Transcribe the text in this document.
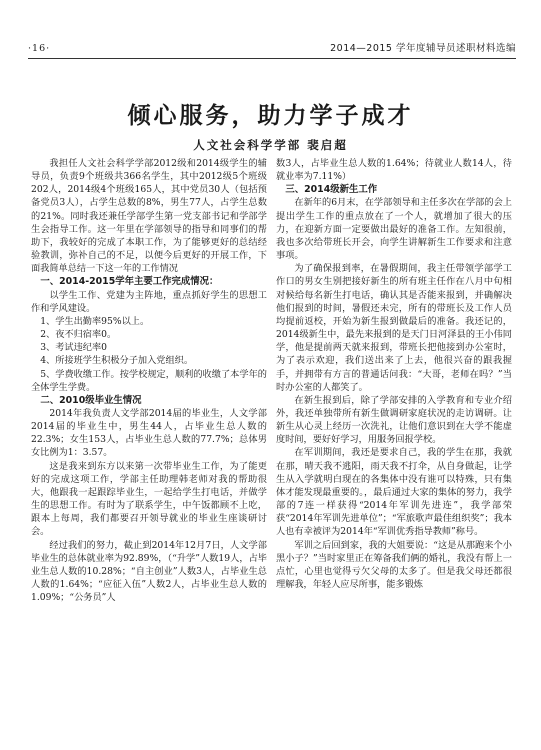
·16·	2014—2015 学年度辅导员述职材料选编
倾心服务，助力学子成才
人文社会科学学部 裴启超

我担任人文社会科学学部2012级和2014级学生的辅导员，负责9个班级共366名学生，其中2012级5个班级202人，2014级4个班级165人，其中党员30人（包括预备党员3人），占学生总数的8%，男生77人，占学生总数的21%。同时我还兼任学部学生第一党支部书记和学部学生会指导工作。这一年里在学部领导的指导和同事们的帮助下，我较好的完成了本职工作，为了能够更好的总结经验教训，弥补自己的不足，以便今后更好的开展工作，下面我简单总结一下这一年的工作情况

一、2014-2015学年主要工作完成情况：

以学生工作、党建为主阵地，重点抓好学生的思想工作和学风建设。

1、学生出勤率95%以上。

2、夜不归宿率0。

3、考试违纪率0

4、所接班学生积极分子加入党组织。

5、学费收缴工作。按学校规定，顺利的收缴了本学年的全体学生学费。

二、2010级毕业生情况

2014年我负责人文学部2014届的毕业生，人文学部2014届的毕业生中，男生44人，占毕业生总人数的22.3%；女生153人，占毕业生总人数的77.7%；总体男女比例为1：3.57。

这是我来到东方以来第一次带毕业生工作，为了能更好的完成这项工作，学部主任助理韩老师对我的帮助很大，他跟我一起跟踪毕业生，一起给学生打电话，并做学生的思想工作。有时为了联系学生，中午饭都顾不上吃，跟本上每周，我们都要召开领导就业的毕业生座谈研讨会。

经过我们的努力，截止到2014年12月7日，人文学部毕业生的总体就业率为92.89%，（“升学”人数19人，占毕业生总人数的10.28%；“自主创业”人数3人，占毕业生总人数的1.64%；“应征入伍”人数2人，占毕业生总人数的1.09%；“公务员”人

数3人，占毕业生总人数的1.64%；待就业人数14人，待就业率为7.11%）

三、2014级新生工作

在新年的6月末，在学部领导和主任多次在学部的会上提出学生工作的重点放在了一个人，就增加了很大的压力，在迎新方面一定要做出最好的准备工作。左知很前，我也多次给带班长开会，向学生讲解新生工作要求和注意事项。

为了确保报到率，在暑假期间，我主任带领学部学工作口的男女生别把接好新生的所有班主任作在八月中旬相对候给每名新生打电话，确认其是否能来报到，并确解决他们报到的时间，暑假还未完，所有的带班长及工作人员均提前返校，开始为新生报到做最后的准备。我还记的，2014级新生中，最先来报到的是天门日河泽县的王小伟同学，他是提前两天就来报到，带班长把他接到办公室时，为了表示欢迎，我们送出来了上去，他很兴奋的跟我握手，并拥带有方言的普通话问我：“大哥，老师在吗？”当时办公室的人都笑了。

在新生报到后，除了学部安排的入学教育和专业介绍外，我还单独带所有新生做调研家庭状况的走访调研。让新生从心灵上经历一次洗礼，让他们意识到在大学不能虚度时间，要好好学习，用服务回报学校。

在军训期间，我还是要求自己，我的学生在那，我就在那，晴天我不逃阳，雨天我不打伞，从自身做起，让学生从入学就明白现在的各集体中没有谁可以特殊，只有集体才能发现最重要的。，最后通过大家的集体的努力，我学部的7连一样获得“2014年军训先进连”，我学部荣获“2014年军训先进单位”；“军旅歌声最佳组织奖”；我本人也有幸被评为2014年“军训优秀指导教师”称号。

军训之后回到家，我的大姐要说：“这是从那跑来个小黑小子？”当时家里正在筹备我们俩的婚礼，我没有帮上一点忙，心里也觉得亏欠父母的太多了。但是我父母还都很理解我，年轻人应尽所事，能多锻炼
